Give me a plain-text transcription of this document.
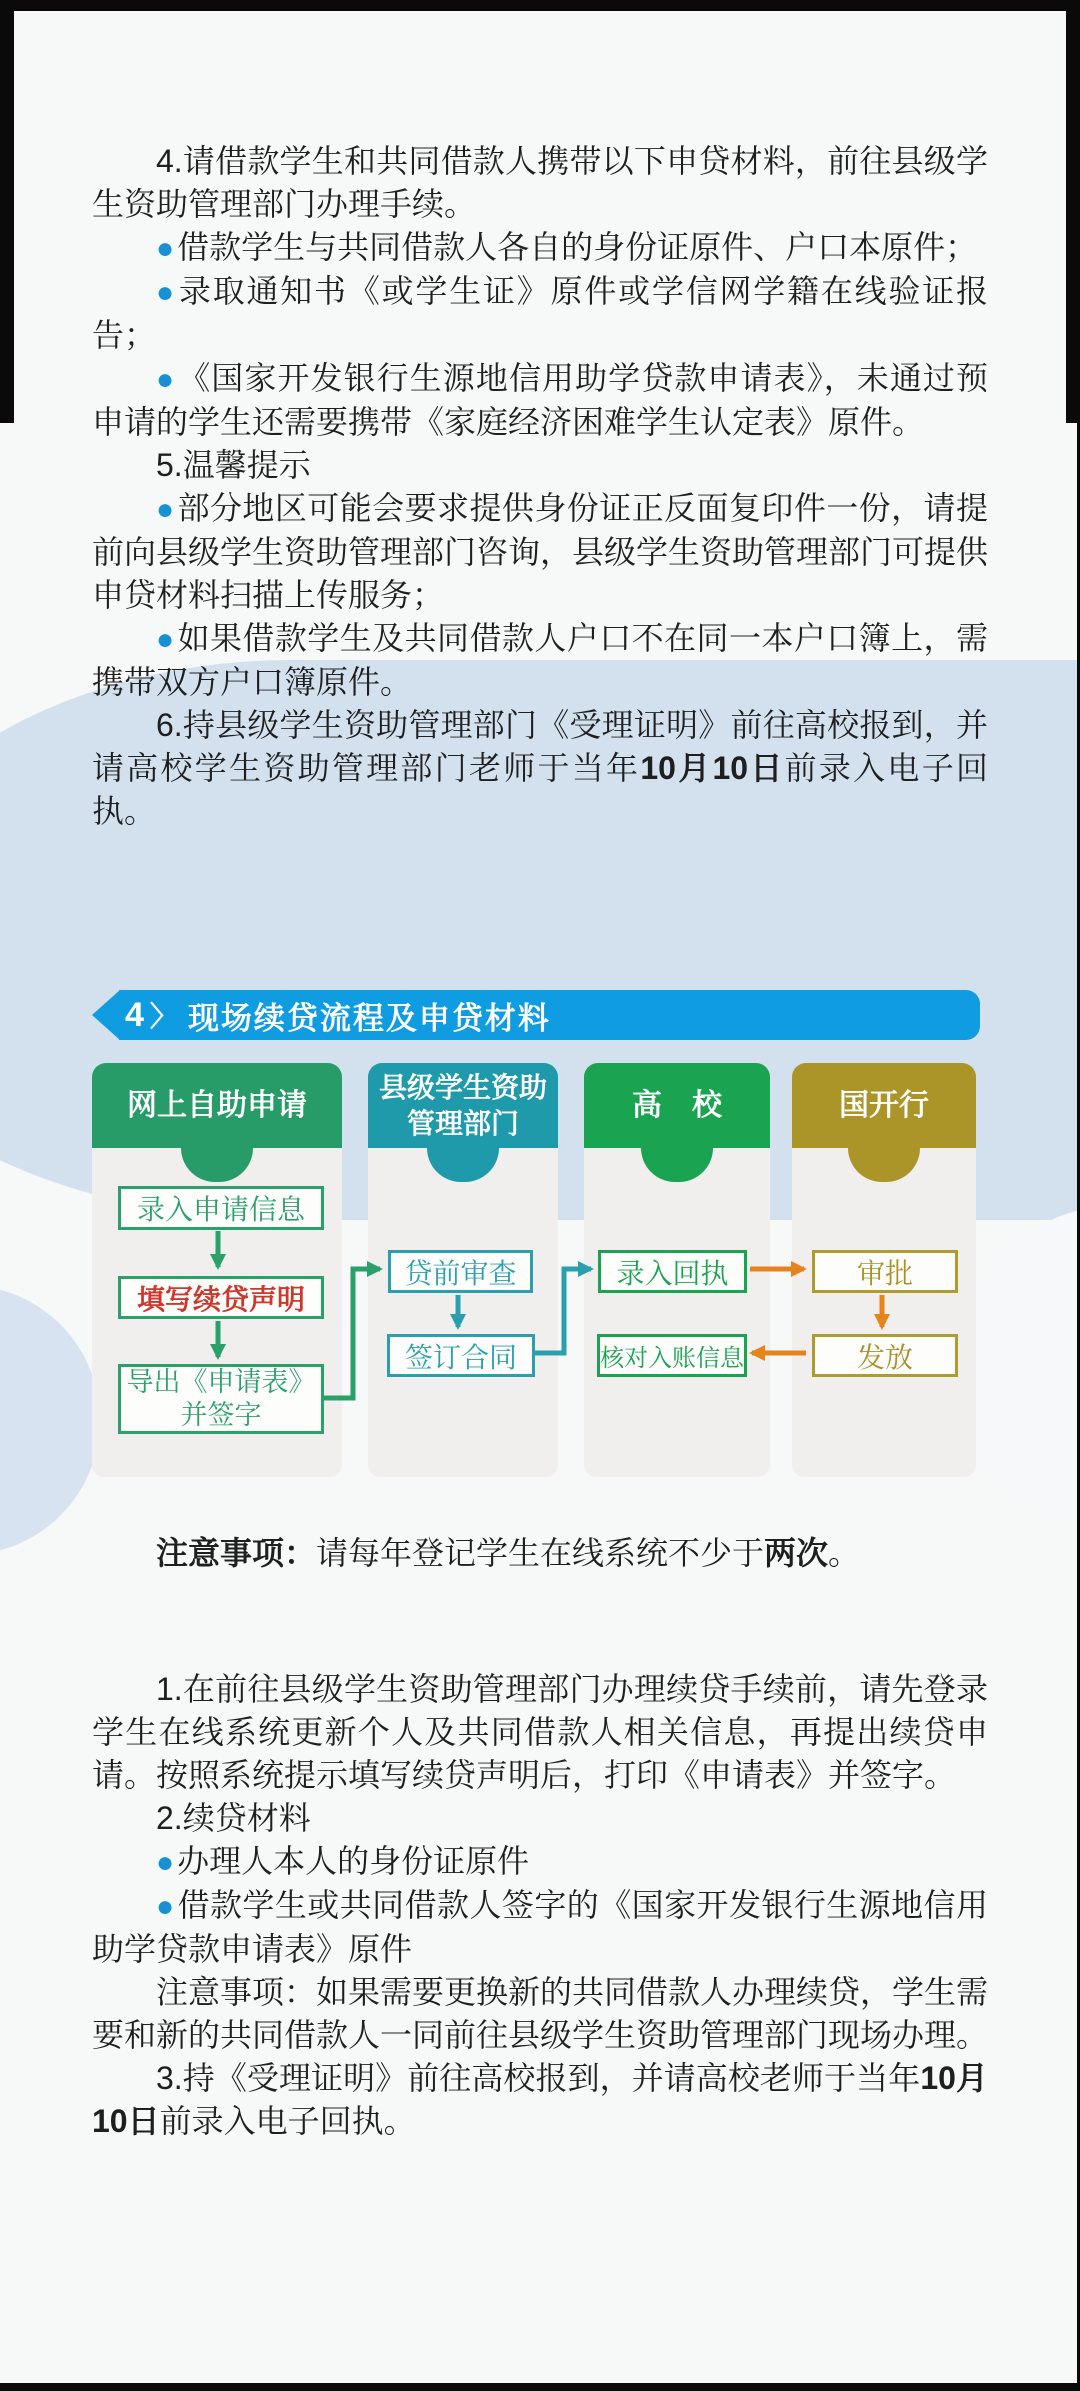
4.请借款学生和共同借款人携带以下申贷材料，前往县级学生资助管理部门办理手续。

●借款学生与共同借款人各自的身份证原件、户口本原件；

●录取通知书《或学生证》原件或学信网学籍在线验证报告；

●《国家开发银行生源地信用助学贷款申请表》，未通过预申请的学生还需要携带《家庭经济困难学生认定表》原件。

5.温馨提示

●部分地区可能会要求提供身份证正反面复印件一份，请提前向县级学生资助管理部门咨询，县级学生资助管理部门可提供申贷材料扫描上传服务；

●如果借款学生及共同借款人户口不在同一本户口簿上，需携带双方户口簿原件。

6.持县级学生资助管理部门《受理证明》前往高校报到，并请高校学生资助管理部门老师于当年10月10日前录入电子回执。

4 〉 现场续贷流程及申贷材料
网上自助申请
县级学生资助
管理部门
高　校	国开行
录入申请信息
填写续贷声明
导出《申请表》
并签字
贷前审查
签订合同
录入回执
核对入账信息
审批
发放

注意事项：请每年登记学生在线系统不少于两次。

1.在前往县级学生资助管理部门办理续贷手续前，请先登录学生在线系统更新个人及共同借款人相关信息，再提出续贷申请。按照系统提示填写续贷声明后，打印《申请表》并签字。

2.续贷材料

●办理人本人的身份证原件

●借款学生或共同借款人签字的《国家开发银行生源地信用助学贷款申请表》原件

注意事项：如果需要更换新的共同借款人办理续贷，学生需要和新的共同借款人一同前往县级学生资助管理部门现场办理。

3.持《受理证明》前往高校报到，并请高校老师于当年10月10日前录入电子回执。
